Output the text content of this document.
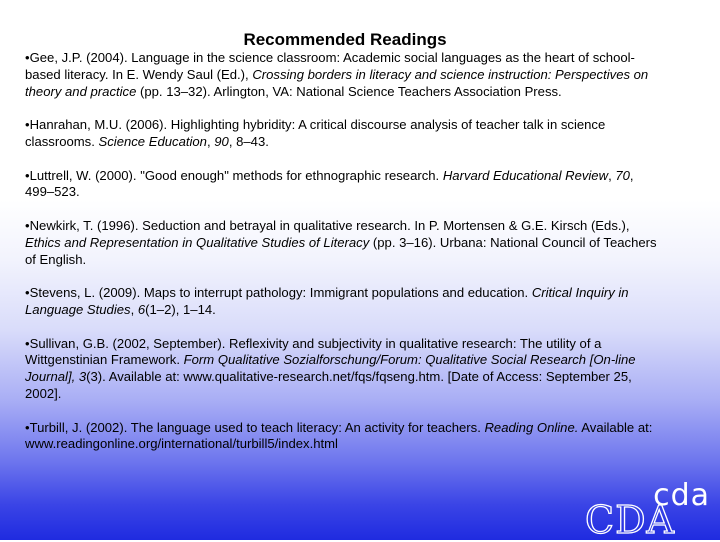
Recommended Readings
•Gee, J.P. (2004). Language in the science classroom: Academic social languages as the heart of school-based literacy. In E. Wendy Saul (Ed.), Crossing borders in literacy and science instruction: Perspectives on theory and practice (pp. 13–32). Arlington, VA: National Science Teachers Association Press.
•Hanrahan, M.U. (2006). Highlighting hybridity: A critical discourse analysis of teacher talk in science classrooms. Science Education, 90, 8–43.
•Luttrell, W. (2000). "Good enough" methods for ethnographic research. Harvard Educational Review, 70, 499–523.
•Newkirk, T. (1996). Seduction and betrayal in qualitative research. In P. Mortensen & G.E. Kirsch (Eds.), Ethics and Representation in Qualitative Studies of Literacy (pp. 3–16). Urbana: National Council of Teachers of English.
•Stevens, L. (2009). Maps to interrupt pathology: Immigrant populations and education. Critical Inquiry in Language Studies, 6(1–2), 1–14.
•Sullivan, G.B. (2002, September). Reflexivity and subjectivity in qualitative research: The utility of a Wittgenstinian Framework. Form Qualitative Sozialforschung/Forum: Qualitative Social Research [On-line Journal], 3(3). Available at: www.qualitative-research.net/fqs/fqseng.htm. [Date of Access: September 25, 2002].
•Turbill, J. (2002). The language used to teach literacy: An activity for teachers. Reading Online. Available at: www.readingonline.org/international/turbill5/index.html
cda
CDA
